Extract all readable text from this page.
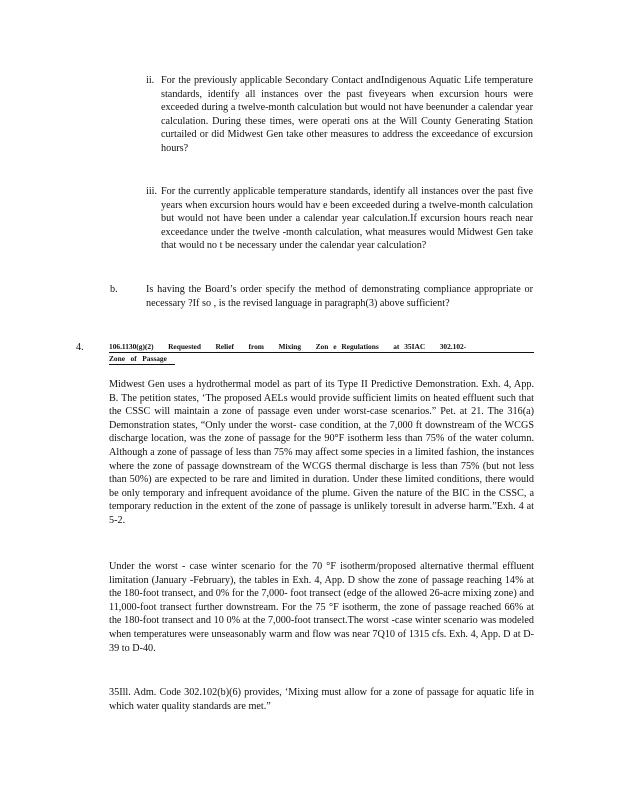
ii. For the previously applicable Secondary Contact andIndigenous Aquatic Life temperature standards, identify all instances over the past fiveyears when excursion hours were exceeded during a twelve-month calculation but would not have beenunder a calendar year calculation. During these times, were operati ons at the Will County Generating Station curtailed or did Midwest Gen take other measures to address the exceedance of excursion hours?

iii. For the currently applicable temperature standards, identify all instances over the past five years when excursion hours would hav e been exceeded during a twelve-month calculation but would not have been under a calendar year calculation.If excursion hours reach near exceedance under the twelve -month calculation, what measures would Midwest Gen take that would no t be necessary under the calendar year calculation?

b.	Is having the Board’s order specify the method of demonstrating compliance appropriate or necessary ?If so , is the revised language in paragraph(3) above sufficient?

4.	106.1130(g)(2)   Requested   Relief   from   Mixing   Zon e Regulations   at 35IAC   302.102-
Zone   of   Passage

Midwest Gen uses a hydrothermal model as part of its Type II Predictive Demonstration. Exh. 4, App. B. The petition states, ‘The proposed AELs would provide sufficient limits on heated effluent such that the CSSC will maintain a zone of passage even under worst-case scenarios.” Pet. at 21. The 316(a) Demonstration states, “Only under the worst- case condition, at the 7,000 ft downstream of the WCGS discharge location, was the zone of passage for the 90°F isotherm less than 75% of the water column. Although a zone of passage of less than 75% may affect some species in a limited fashion, the instances where the zone of passage downstream of the WCGS thermal discharge is less than 75% (but not less than 50%) are expected to be rare and limited in duration. Under these limited conditions, there would be only temporary and infrequent avoidance of the plume. Given the nature of the BIC in the CSSC, a temporary reduction in the extent of the zone of passage is unlikely toresult in adverse harm.”Exh. 4 at 5-2.

Under the worst - case winter scenario for the 70 °F isotherm/proposed alternative thermal effluent limitation (January -February), the tables in Exh. 4, App. D show the zone of passage reaching 14% at the 180-foot transect, and 0% for the 7,000- foot transect (edge of the allowed 26-acre mixing zone) and 11,000-foot transect further downstream. For the 75 °F isotherm, the zone of passage reached 66% at the 180-foot transect and 10 0% at the 7,000-foot transect.The worst -case winter scenario was modeled when temperatures were unseasonably warm and flow was near 7Q10 of 1315 cfs. Exh. 4, App. D at D-39 to D-40.

35Ill. Adm. Code 302.102(b)(6) provides, ‘Mixing must allow for a zone of passage for aquatic life in which water quality standards are met.”
